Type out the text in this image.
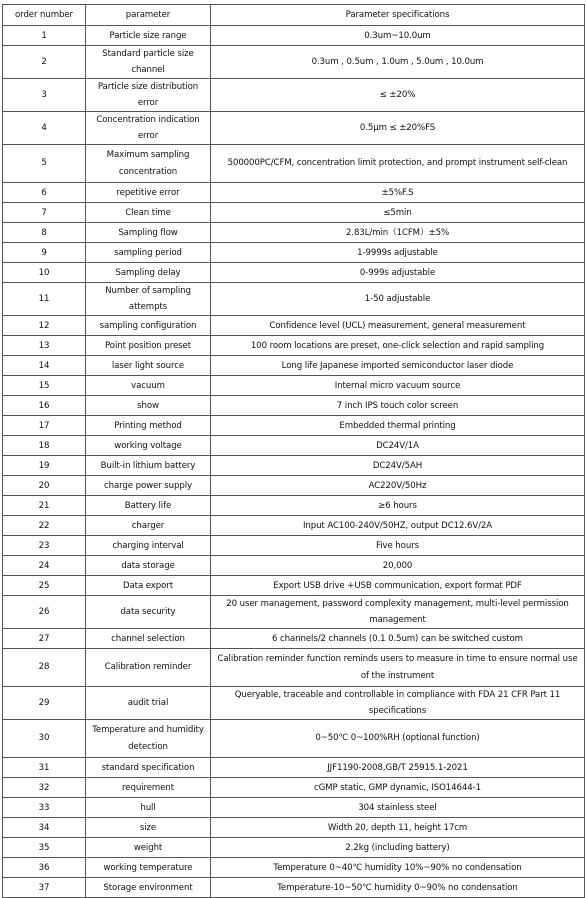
order number	parameter	Parameter specifications
1	Particle size range	0.3um~10.0um
2	Standard particle size channel	0.3um , 0.5um , 1.0um , 5.0um , 10.0um
3	Particle size distribution error	≤ ±20%
4	Concentration indication error	0.5μm ≤ ±20%FS
5	Maximum sampling concentration	500000PC/CFM, concentration limit protection, and prompt instrument self-clean
6	repetitive error	±5%F.S
7	Clean time	≤5min
8	Sampling flow	2.83L/min（1CFM）±5%
9	sampling period	1-9999s adjustable
10	Sampling delay	0-999s adjustable
11	Number of sampling attempts	1-50 adjustable
12	sampling configuration	Confidence level (UCL) measurement, general measurement
13	Point position preset	100 room locations are preset, one-click selection and rapid sampling
14	laser light source	Long life Japanese imported semiconductor laser diode
15	vacuum	Internal micro vacuum source
16	show	7 inch IPS touch color screen
17	Printing method	Embedded thermal printing
18	working voltage	DC24V/1A
19	Built-in lithium battery	DC24V/5AH
20	charge power supply	AC220V/50Hz
21	Battery life	≥6 hours
22	charger	Input AC100-240V/50HZ, output DC12.6V/2A
23	charging interval	Five hours
24	data storage	20,000
25	Data export	Export USB drive +USB communication, export format PDF
26	data security	20 user management, password complexity management, multi-level permission management
27	channel selection	6 channels/2 channels (0.1 0.5um) can be switched custom
28	Calibration reminder	Calibration reminder function reminds users to measure in time to ensure normal use of the instrument
29	audit trial	Queryable, traceable and controllable in compliance with FDA 21 CFR Part 11 specifications
30	Temperature and humidity detection	0~50℃ 0~100%RH (optional function)
31	standard specification	JJF1190-2008,GB/T 25915.1-2021
32	requirement	cGMP static, GMP dynamic, ISO14644-1
33	hull	304 stainless steel
34	size	Width 20, depth 11, height 17cm
35	weight	2.2kg (including battery)
36	working temperature	Temperature 0~40℃ humidity 10%~90% no condensation
37	Storage environment	Temperature-10~50℃ humidity 0~90% no condensation
